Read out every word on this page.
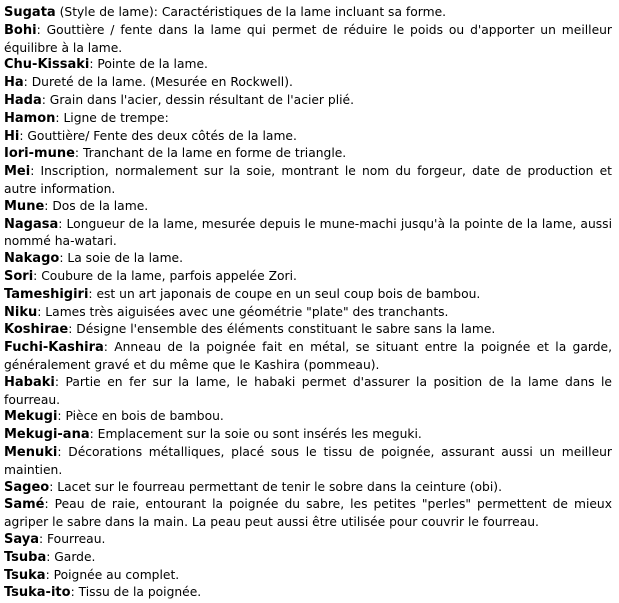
Sugata (Style de lame): Caractéristiques de la lame incluant sa forme.

Bohi: Gouttière / fente dans la lame qui permet de réduire le poids ou d'apporter un meilleur équilibre à la lame.

Chu-Kissaki: Pointe de la lame.

Ha: Dureté de la lame. (Mesurée en Rockwell).

Hada: Grain dans l'acier, dessin résultant de l'acier plié.

Hamon: Ligne de trempe:

Hi: Gouttière/ Fente des deux côtés de la lame.

Iori-mune: Tranchant de la lame en forme de triangle.

Mei: Inscription, normalement sur la soie, montrant le nom du forgeur, date de production et autre information.

Mune: Dos de la lame.

Nagasa: Longueur de la lame, mesurée depuis le mune-machi jusqu'à la pointe de la lame, aussi nommé ha-watari.

Nakago: La soie de la lame.

Sori: Coubure de la lame, parfois appelée Zori.

Tameshigiri: est un art japonais de coupe en un seul coup bois de bambou.

Niku: Lames très aiguisées avec une géométrie "plate" des tranchants.

Koshirae: Désigne l'ensemble des éléments constituant le sabre sans la lame.

Fuchi-Kashira: Anneau de la poignée fait en métal, se situant entre la poignée et la garde, généralement gravé et du même que le Kashira (pommeau).

Habaki: Partie en fer sur la lame, le habaki permet d'assurer la position de la lame dans le fourreau.

Mekugi: Pièce en bois de bambou.

Mekugi-ana: Emplacement sur la soie ou sont insérés les meguki.

Menuki: Décorations métalliques, placé sous le tissu de poignée, assurant aussi un meilleur maintien.

Sageo: Lacet sur le fourreau permettant de tenir le sobre dans la ceinture (obi).

Samé: Peau de raie, entourant la poignée du sabre, les petites "perles" permettent de mieux agriper le sabre dans la main. La peau peut aussi être utilisée pour couvrir le fourreau.

Saya: Fourreau.

Tsuba: Garde.

Tsuka: Poignée au complet.

Tsuka-ito: Tissu de la poignée.
